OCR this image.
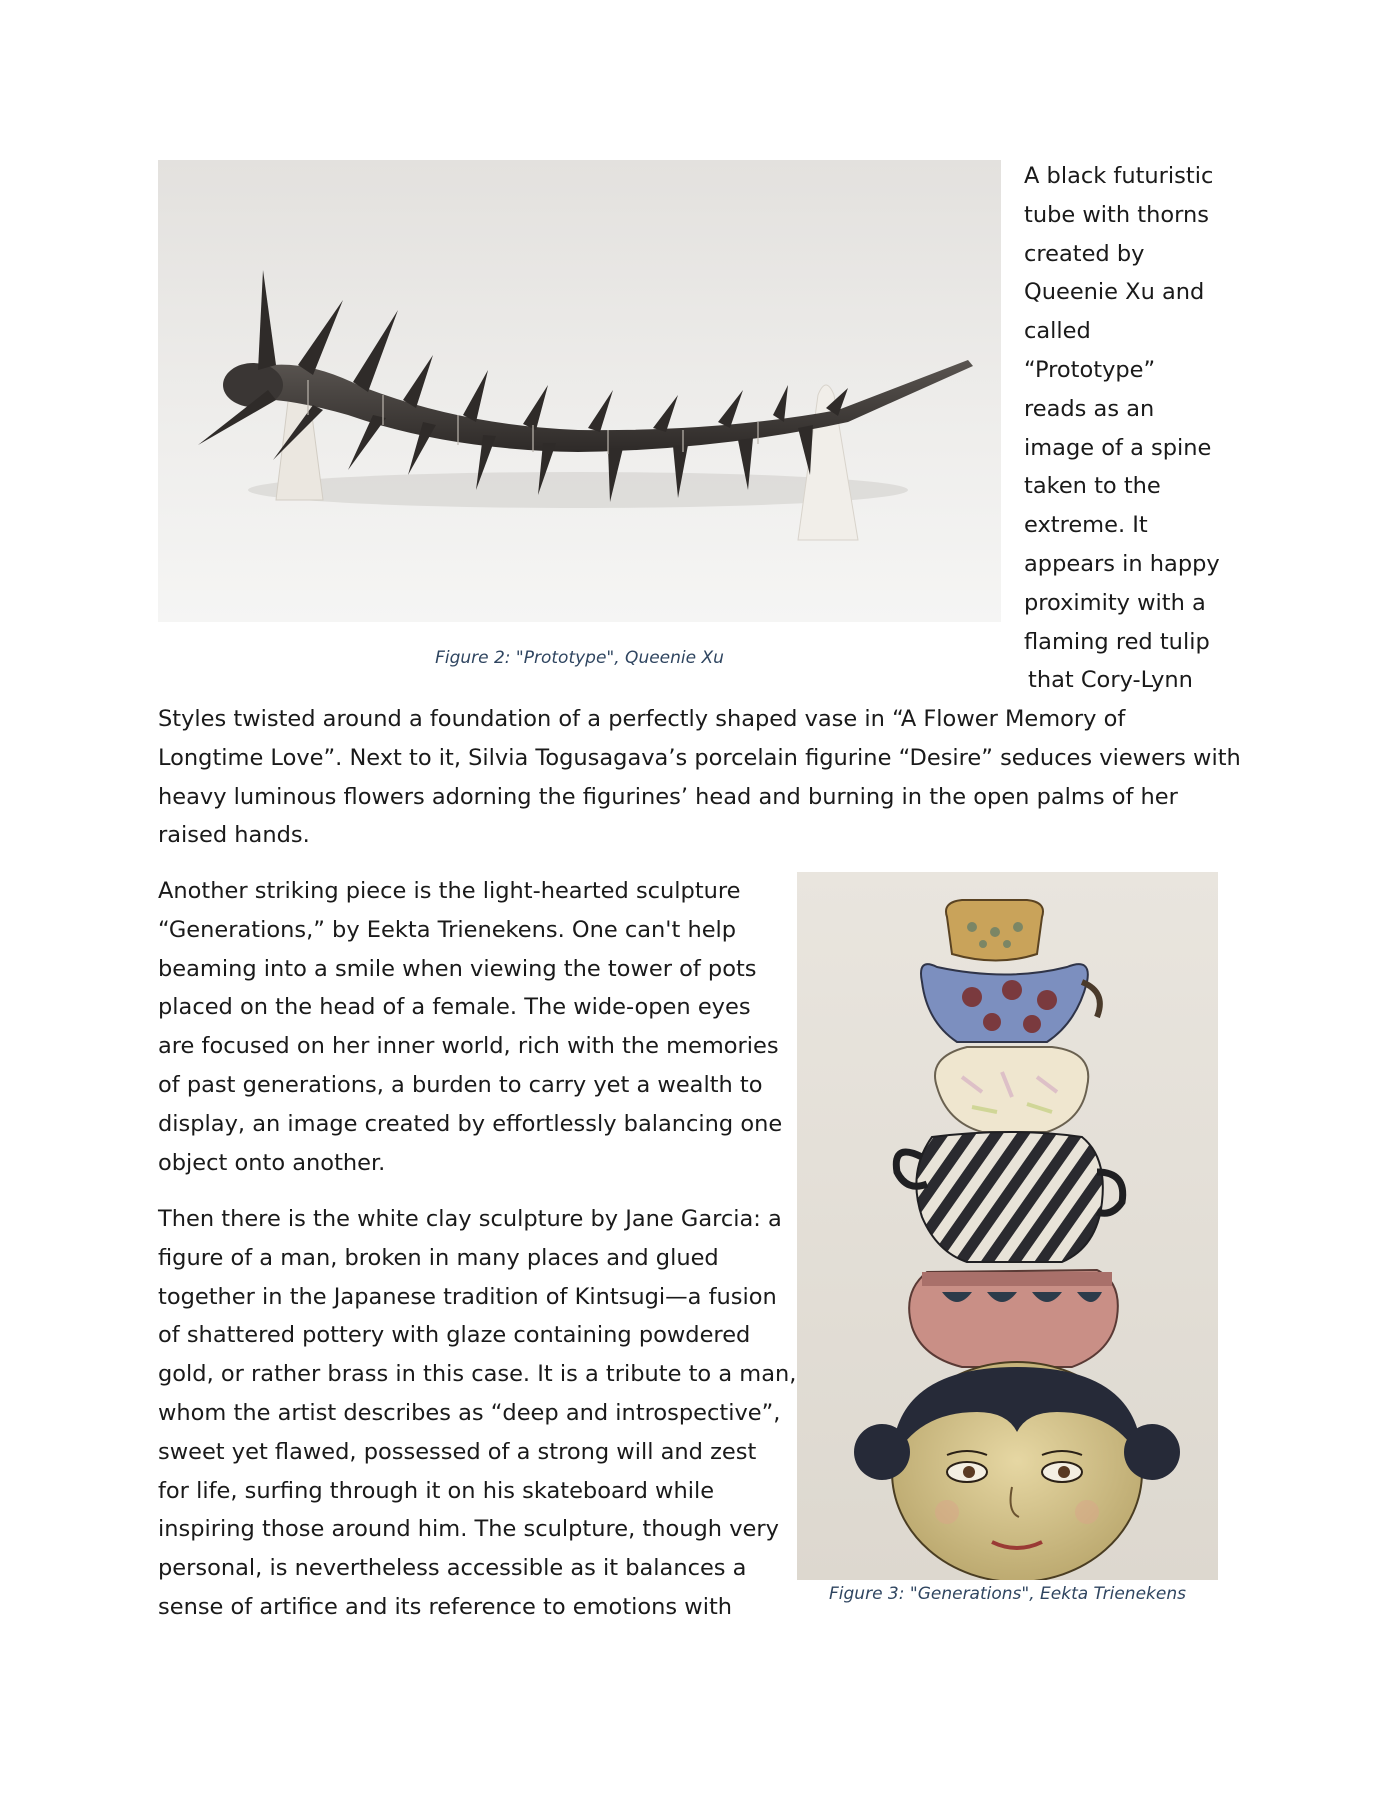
Figure 2: "Prototype", Queenie Xu
A black futuristic
tube with thorns
created by
Queenie Xu and
called
“Prototype”
reads as an
image of a spine
taken to the
extreme. It
appears in happy
proximity with a
flaming red tulip
that Cory-Lynn
Styles twisted around a foundation of a perfectly shaped vase in “A Flower Memory of
Longtime Love”. Next to it, Silvia Togusagava’s porcelain figurine “Desire” seduces viewers with
heavy luminous flowers adorning the figurines’ head and burning in the open palms of her
raised hands.
Another striking piece is the light-hearted sculpture
“Generations,” by Eekta Trienekens. One can't help
beaming into a smile when viewing the tower of pots
placed on the head of a female. The wide-open eyes
are focused on her inner world, rich with the memories
of past generations, a burden to carry yet a wealth to
display, an image created by effortlessly balancing one
object onto another.
Then there is the white clay sculpture by Jane Garcia: a
figure of a man, broken in many places and glued
together in the Japanese tradition of Kintsugi—a fusion
of shattered pottery with glaze containing powdered
gold, or rather brass in this case. It is a tribute to a man,
whom the artist describes as “deep and introspective”,
sweet yet flawed, possessed of a strong will and zest
for life, surfing through it on his skateboard while
inspiring those around him. The sculpture, though very
personal, is nevertheless accessible as it balances a
sense of artifice and its reference to emotions with	Figure 3: "Generations", Eekta Trienekens
